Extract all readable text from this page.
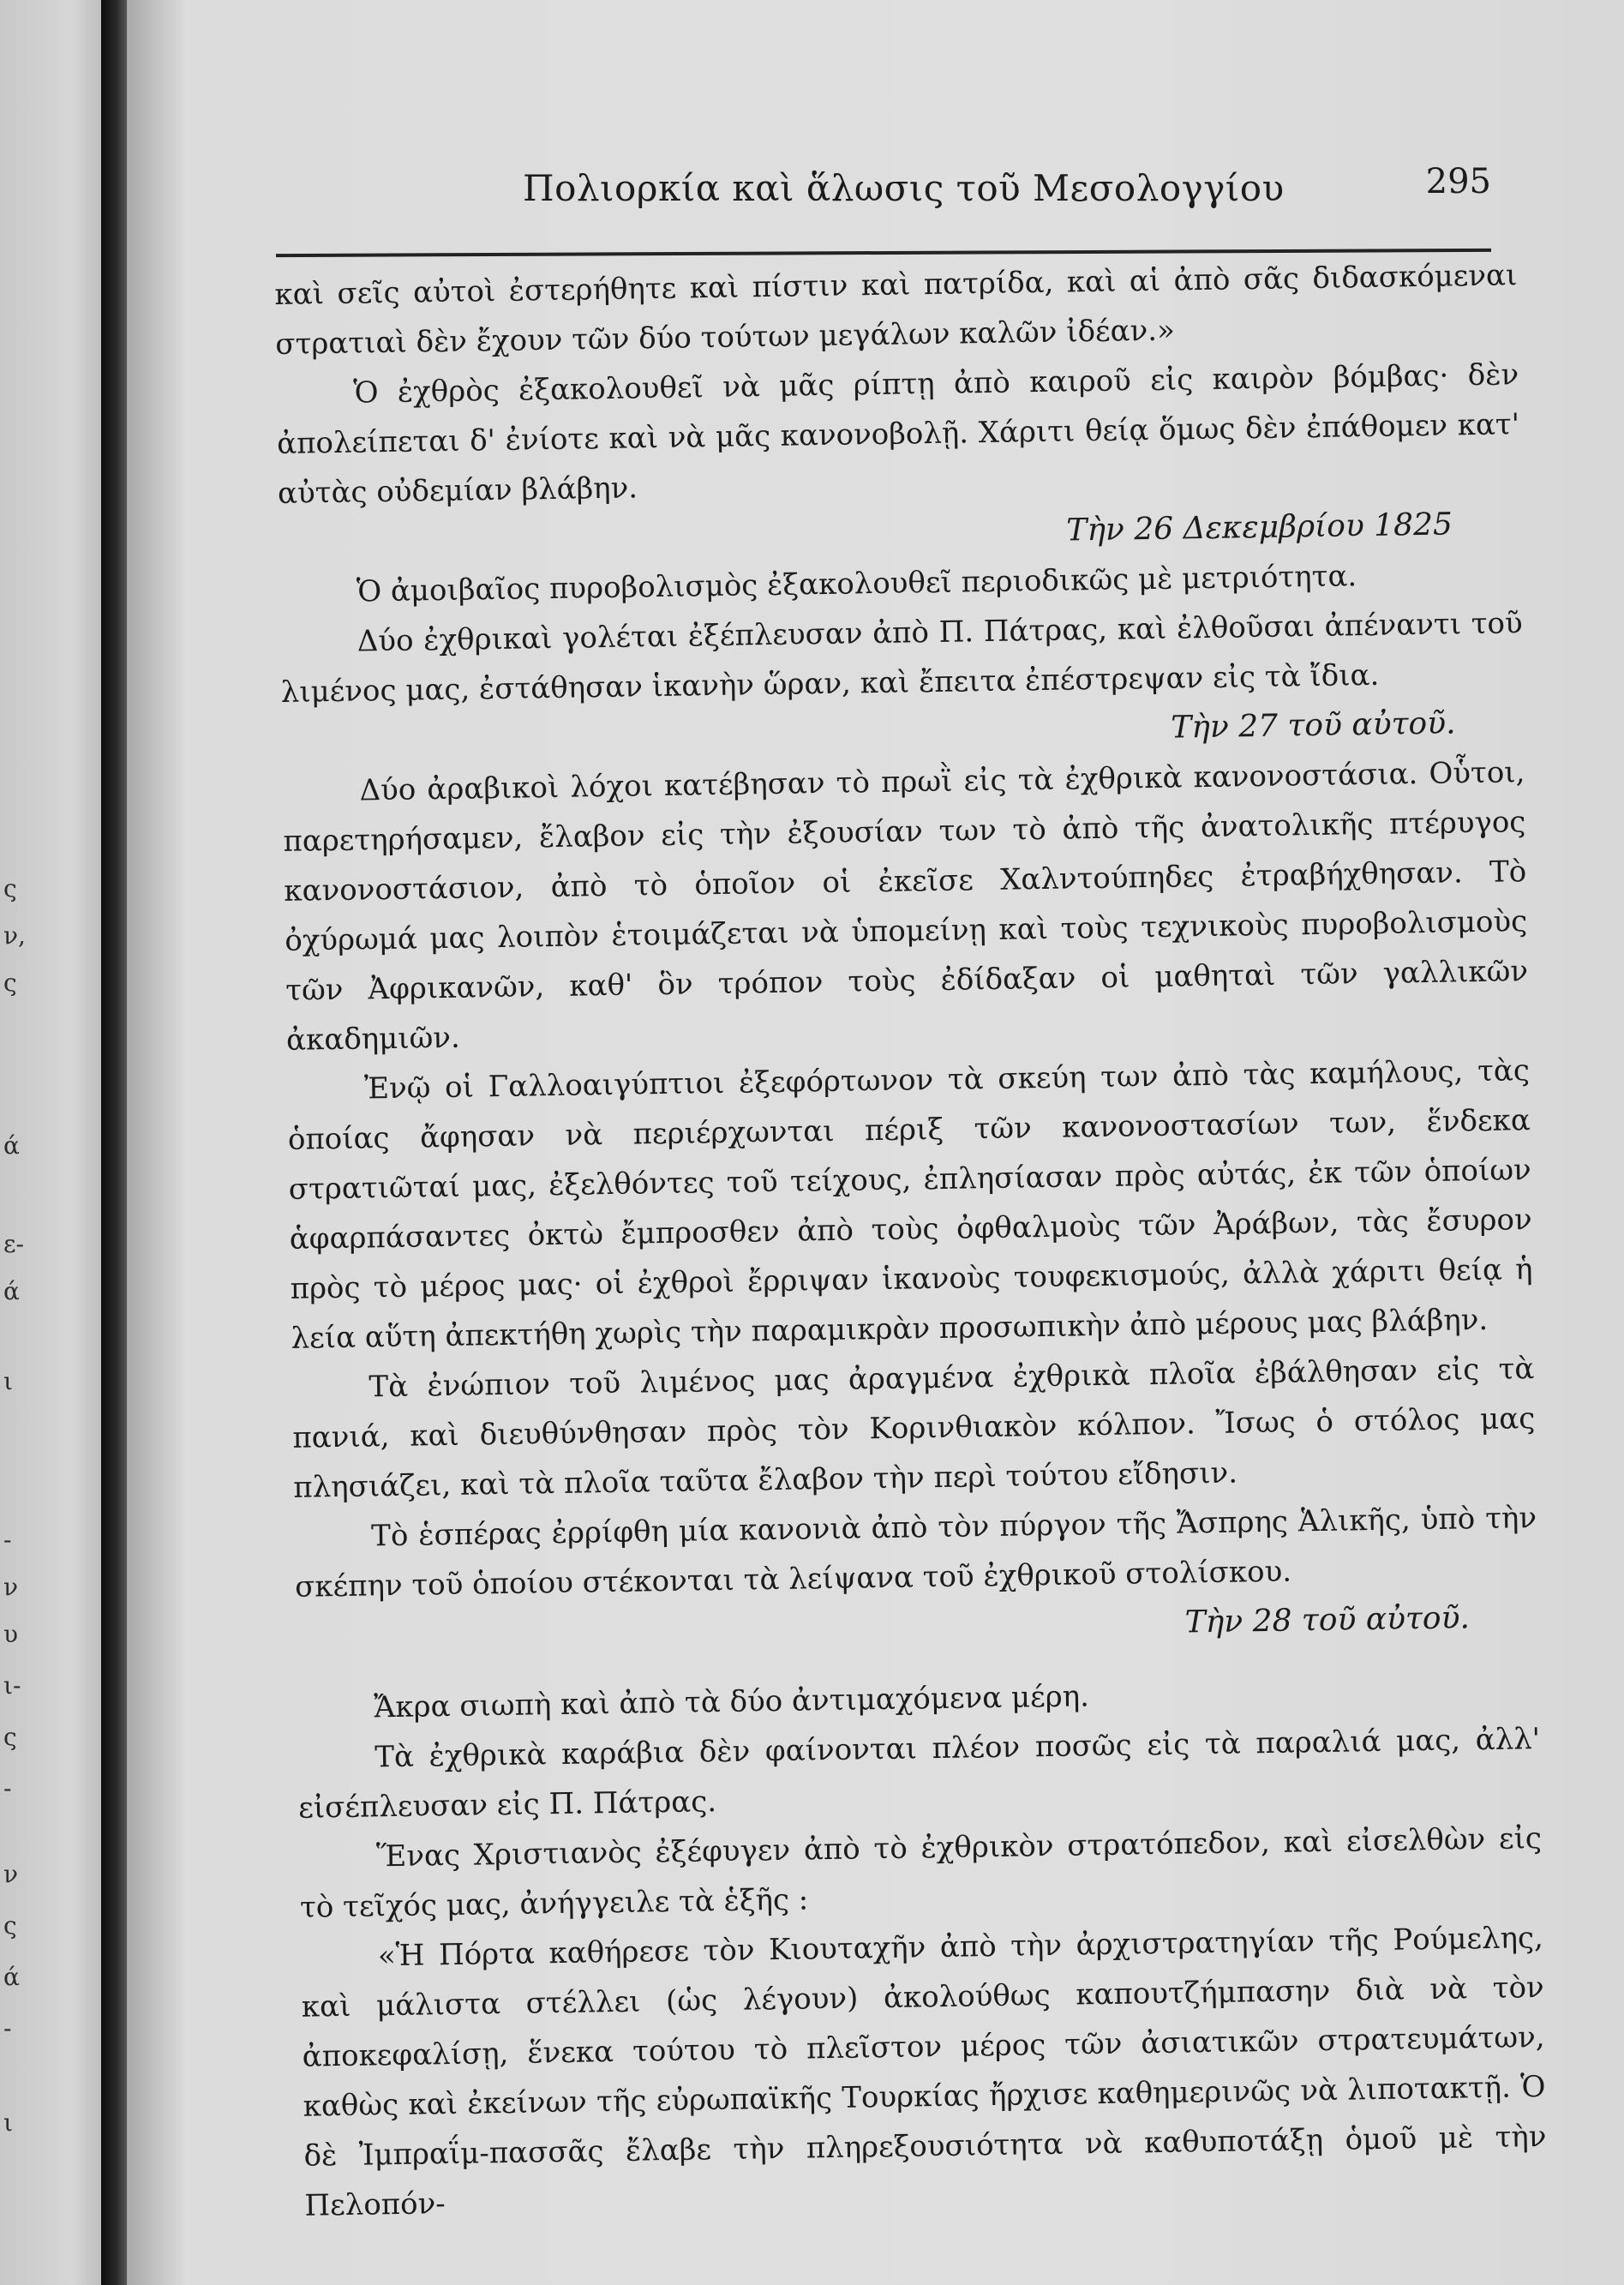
ς
ν,
ς
ά
ε-
ά
ι
-
ν
υ
ι-
ς
-
ν
ς
ά
-
ι
Πολιορκία καὶ ἅλωσις τοῦ Μεσολογγίου	295

καὶ σεῖς αὐτοὶ ἐστερήθητε καὶ πίστιν καὶ πατρίδα, καὶ αἱ ἀπὸ σᾶς διδασκόμεναι στρατιαὶ δὲν ἔχουν τῶν δύο τούτων μεγάλων καλῶν ἰδέαν.»

Ὁ ἐχθρὸς ἐξακολουθεῖ νὰ μᾶς ρίπτῃ ἀπὸ καιροῦ εἰς καιρὸν βόμβας· δὲν ἀπολείπεται δ' ἐνίοτε καὶ νὰ μᾶς κανονοβολῇ. Χάριτι θείᾳ ὅμως δὲν ἐπάθομεν κατ' αὐτὰς οὐδεμίαν βλάβην.

Τὴν 26 Δεκεμβρίου 1825

Ὁ ἀμοιβαῖος πυροβολισμὸς ἐξακολουθεῖ περιοδικῶς μὲ μετριότητα.

Δύο ἐχθρικαὶ γολέται ἐξέπλευσαν ἀπὸ Π. Πάτρας, καὶ ἐλθοῦσαι ἀπέναντι τοῦ λιμένος μας, ἐστάθησαν ἱκανὴν ὥραν, καὶ ἔπειτα ἐπέστρεψαν εἰς τὰ ἴδια.

Τὴν 27 τοῦ αὐτοῦ.

Δύο ἀραβικοὶ λόχοι κατέβησαν τὸ πρωῒ εἰς τὰ ἐχθρικὰ κανονοστάσια. Οὗτοι, παρετηρήσαμεν, ἔλαβον εἰς τὴν ἐξουσίαν των τὸ ἀπὸ τῆς ἀνατολικῆς πτέρυγος κανονοστάσιον, ἀπὸ τὸ ὁποῖον οἱ ἐκεῖσε Χαλντούπηδες ἐτραβήχθησαν. Τὸ ὀχύρωμά μας λοιπὸν ἑτοιμάζεται νὰ ὑπομείνῃ καὶ τοὺς τεχνικοὺς πυροβολισμοὺς τῶν Ἀφρικανῶν, καθ' ὃν τρόπον τοὺς ἐδίδαξαν οἱ μαθηταὶ τῶν γαλλικῶν ἀκαδημιῶν.

Ἐνῷ οἱ Γαλλοαιγύπτιοι ἐξεφόρτωνον τὰ σκεύη των ἀπὸ τὰς καμήλους, τὰς ὁποίας ἄφησαν νὰ περιέρχωνται πέριξ τῶν κανονοστασίων των, ἕνδεκα στρατιῶταί μας, ἐξελθόντες τοῦ τείχους, ἐπλησίασαν πρὸς αὐτάς, ἐκ τῶν ὁποίων ἁφαρπάσαντες ὀκτὼ ἔμπροσθεν ἀπὸ τοὺς ὀφθαλμοὺς τῶν Ἀράβων, τὰς ἔσυρον πρὸς τὸ μέρος μας· οἱ ἐχθροὶ ἔρριψαν ἱκανοὺς τουφεκισμούς, ἀλλὰ χάριτι θείᾳ ἡ λεία αὕτη ἀπεκτήθη χωρὶς τὴν παραμικρὰν προσωπικὴν ἀπὸ μέρους μας βλάβην.

Τὰ ἐνώπιον τοῦ λιμένος μας ἀραγμένα ἐχθρικὰ πλοῖα ἐβάλθησαν εἰς τὰ πανιά, καὶ διευθύνθησαν πρὸς τὸν Κορινθιακὸν κόλπον. Ἴσως ὁ στόλος μας πλησιάζει, καὶ τὰ πλοῖα ταῦτα ἔλαβον τὴν περὶ τούτου εἴδησιν.

Τὸ ἑσπέρας ἐρρίφθη μία κανονιὰ ἀπὸ τὸν πύργον τῆς Ἄσπρης Ἁλικῆς, ὑπὸ τὴν σκέπην τοῦ ὁποίου στέκονται τὰ λείψανα τοῦ ἐχθρικοῦ στολίσκου.

Τὴν 28 τοῦ αὐτοῦ.

Ἄκρα σιωπὴ καὶ ἀπὸ τὰ δύο ἀντιμαχόμενα μέρη.

Τὰ ἐχθρικὰ καράβια δὲν φαίνονται πλέον ποσῶς εἰς τὰ παραλιά μας, ἀλλ' εἰσέπλευσαν εἰς Π. Πάτρας.

Ἕνας Χριστιανὸς ἐξέφυγεν ἀπὸ τὸ ἐχθρικὸν στρατόπεδον, καὶ εἰσελθὼν εἰς τὸ τεῖχός μας, ἀνήγγειλε τὰ ἑξῆς :

«Ἡ Πόρτα καθήρεσε τὸν Κιουταχῆν ἀπὸ τὴν ἀρχιστρατηγίαν τῆς Ρούμελης, καὶ μάλιστα στέλλει (ὡς λέγουν) ἀκολούθως καπουτζήμπασην διὰ νὰ τὸν ἀποκεφαλίσῃ, ἕνεκα τούτου τὸ πλεῖστον μέρος τῶν ἀσιατικῶν στρατευμάτων, καθὼς καὶ ἐκείνων τῆς εὐρωπαϊκῆς Τουρκίας ἤρχισε καθημερινῶς νὰ λιποτακτῇ. Ὁ δὲ Ἰμπραΐμ-πασσᾶς ἔλαβε τὴν πληρεξουσιότητα νὰ καθυποτάξῃ ὁμοῦ μὲ τὴν Πελοπόν-
